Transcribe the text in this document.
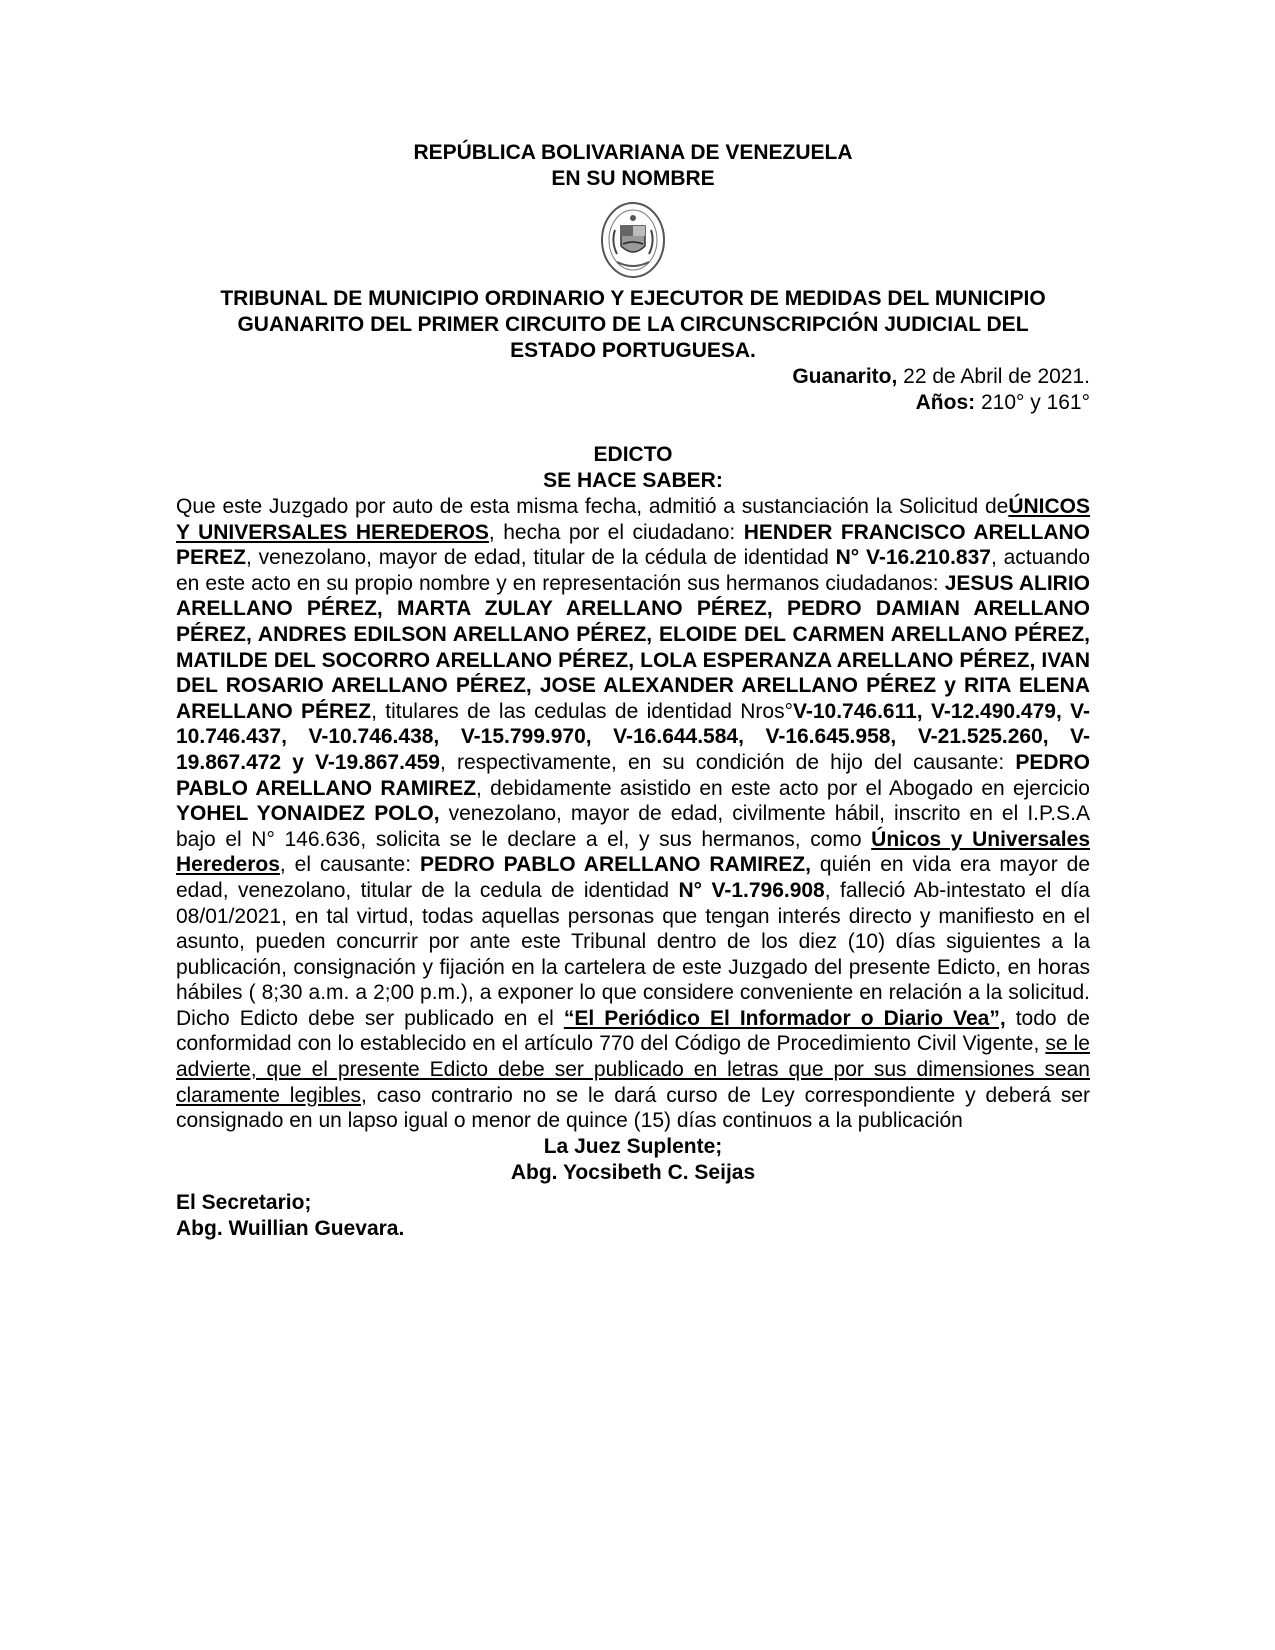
REPÚBLICA BOLIVARIANA DE VENEZUELA
EN SU NOMBRE
TRIBUNAL DE MUNICIPIO ORDINARIO Y EJECUTOR DE MEDIDAS DEL MUNICIPIO
GUANARITO DEL PRIMER CIRCUITO DE LA CIRCUNSCRIPCIÓN JUDICIAL DEL
ESTADO PORTUGUESA.
Guanarito, 22 de Abril de 2021.
Años: 210° y 161°
EDICTO
SE HACE SABER:
Que este Juzgado por auto de esta misma fecha, admitió a sustanciación la Solicitud deÚNICOS Y UNIVERSALES HEREDEROS, hecha por el ciudadano: HENDER FRANCISCO ARELLANO PEREZ, venezolano, mayor de edad, titular de la cédula de identidad N° V-16.210.837, actuando en este acto en su propio nombre y en representación sus hermanos ciudadanos: JESUS ALIRIO ARELLANO PÉREZ, MARTA ZULAY ARELLANO PÉREZ, PEDRO DAMIAN ARELLANO PÉREZ, ANDRES EDILSON ARELLANO PÉREZ, ELOIDE DEL CARMEN ARELLANO PÉREZ, MATILDE DEL SOCORRO ARELLANO PÉREZ, LOLA ESPERANZA ARELLANO PÉREZ, IVAN DEL ROSARIO ARELLANO PÉREZ, JOSE ALEXANDER ARELLANO PÉREZ y RITA ELENA ARELLANO PÉREZ, titulares de las cedulas de identidad Nros°V-10.746.611, V-12.490.479, V-10.746.437, V-10.746.438, V-15.799.970, V-16.644.584, V-16.645.958, V-21.525.260, V-19.867.472 y V-19.867.459, respectivamente, en su condición de hijo del causante: PEDRO PABLO ARELLANO RAMIREZ, debidamente asistido en este acto por el Abogado en ejercicio YOHEL YONAIDEZ POLO, venezolano, mayor de edad, civilmente hábil, inscrito en el I.P.S.A bajo el N° 146.636, solicita se le declare a el, y sus hermanos, como Únicos y Universales Herederos, el causante: PEDRO PABLO ARELLANO RAMIREZ, quién en vida era mayor de edad, venezolano, titular de la cedula de identidad N° V-1.796.908, falleció Ab-intestato el día 08/01/2021, en tal virtud, todas aquellas personas que tengan interés directo y manifiesto en el asunto, pueden concurrir por ante este Tribunal dentro de los diez (10) días siguientes a la publicación, consignación y fijación en la cartelera de este Juzgado del presente Edicto, en horas hábiles ( 8;30 a.m. a 2;00 p.m.), a exponer lo que considere conveniente en relación a la solicitud. Dicho Edicto debe ser publicado en el “El Periódico El Informador o Diario Vea”, todo de conformidad con lo establecido en el artículo 770 del Código de Procedimiento Civil Vigente, se le advierte, que el presente Edicto debe ser publicado en letras que por sus dimensiones sean claramente legibles, caso contrario no se le dará curso de Ley correspondiente y deberá ser consignado en un lapso igual o menor de quince (15) días continuos a la publicación
La Juez Suplente;
Abg. Yocsibeth C. Seijas
El Secretario;
Abg. Wuillian Guevara.
